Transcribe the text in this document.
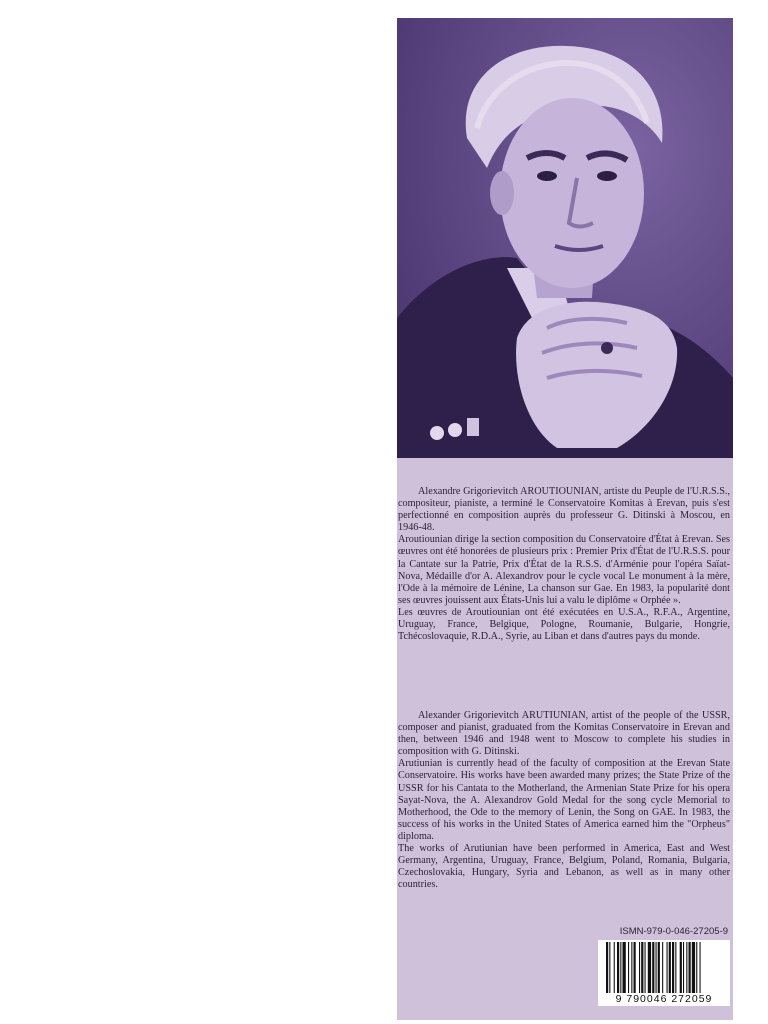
Alexandre Grigorievitch AROUTIOUNIAN, artiste du Peuple de l'U.R.S.S., compositeur, pianiste, a terminé le Conservatoire Komitas à Erevan, puis s'est perfectionné en composition auprès du professeur G. Ditinski à Moscou, en 1946-48.

Aroutiounian dirige la section composition du Conservatoire d'État à Erevan. Ses œuvres ont été honorées de plusieurs prix : Premier Prix d'État de l'U.R.S.S. pour la Cantate sur la Patrie, Prix d'État de la R.S.S. d'Arménie pour l'opéra Saïat-Nova, Médaille d'or A. Alexandrov pour le cycle vocal Le monument à la mère, l'Ode à la mémoire de Lénine, La chanson sur Gae. En 1983, la popularité dont ses œuvres jouissent aux États-Unis lui a valu le diplôme « Orphée ».

Les œuvres de Aroutiounian ont été exécutées en U.S.A., R.F.A., Argentine, Uruguay, France, Belgique, Pologne, Roumanie, Bulgarie, Hongrie, Tchécoslovaquie, R.D.A., Syrie, au Liban et dans d'autres pays du monde.

Alexander Grigorievitch ARUTIUNIAN, artist of the people of the USSR, composer and pianist, graduated from the Komitas Conservatoire in Erevan and then, between 1946 and 1948 went to Moscow to complete his studies in composition with G. Ditinski.

Arutiunian is currently head of the faculty of composition at the Erevan State Conservatoire. His works have been awarded many prizes; the State Prize of the USSR for his Cantata to the Motherland, the Armenian State Prize for his opera Sayat-Nova, the A. Alexandrov Gold Medal for the song cycle Memorial to Motherhood, the Ode to the memory of Lenin, the Song on GAE. In 1983, the success of his works in the United States of America earned him the "Orpheus" diploma.

The works of Arutiunian have been performed in America, East and West Germany, Argentina, Uruguay, France, Belgium, Poland, Romania, Bulgaria, Czechoslovakia, Hungary, Syria and Lebanon, as well as in many other countries.

ISMN-979-0-046-27205-9
9 790046 272059
